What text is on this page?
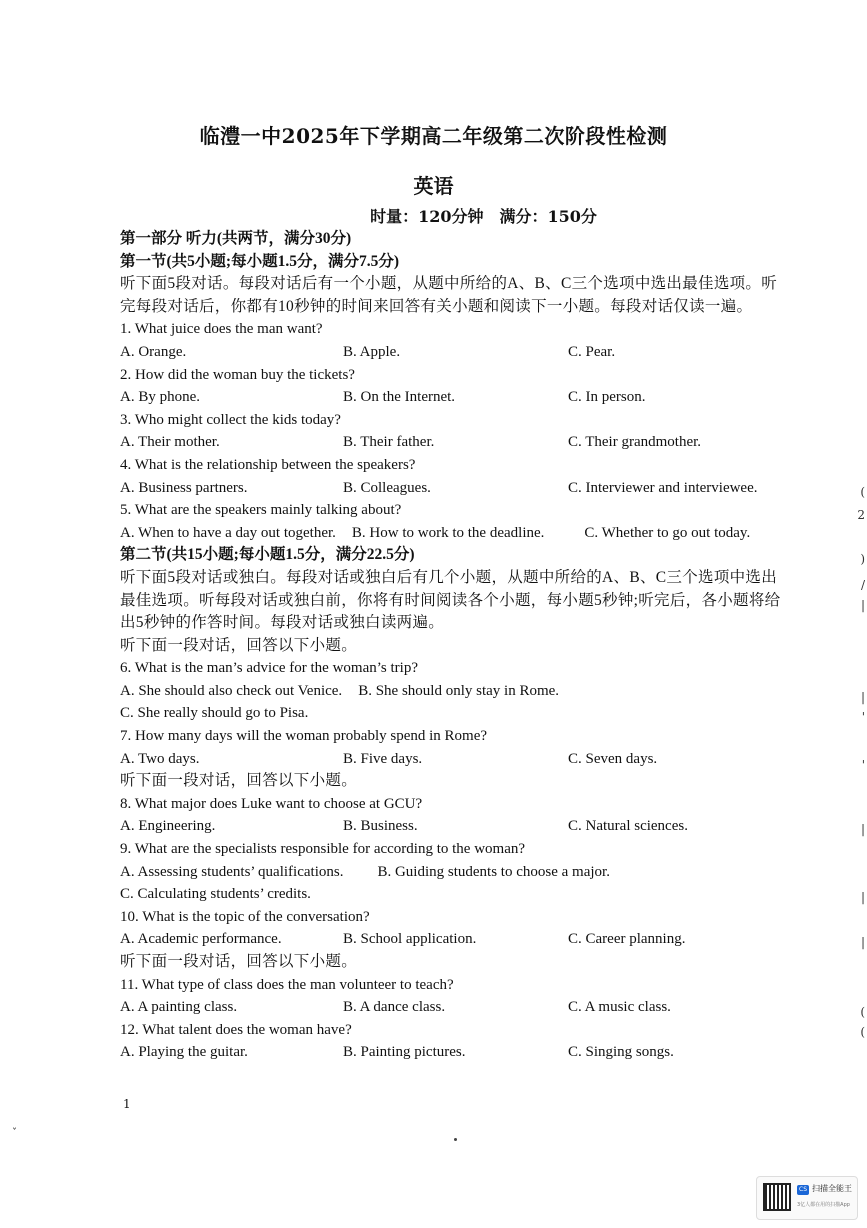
临澧一中2025年下学期高二年级第二次阶段性检测
英语
时量：120分钟　满分：150分
第一部分 听力(共两节，满分30分)
第一节(共5小题;每小题1.5分，满分7.5分)
听下面5段对话。每段对话后有一个小题，从题中所给的A、B、C三个选项中选出最佳选项。听
完每段对话后，你都有10秒钟的时间来回答有关小题和阅读下一小题。每段对话仅读一遍。
1. What juice does the man want?
A. Orange.	B. Apple.	C. Pear.
2. How did the woman buy the tickets?
A. By phone.	B. On the Internet.	C. In person.
3. Who might collect the kids today?
A. Their mother.	B. Their father.	C. Their grandmother.
4. What is the relationship between the speakers?
A. Business partners.	B. Colleagues.	C. Interviewer and interviewee.
5. What are the speakers mainly talking about?
A. When to have a day out together. B. How to work to the deadline.	C. Whether to go out today.
第二节(共15小题;每小题1.5分，满分22.5分)
听下面5段对话或独白。每段对话或独白后有几个小题，从题中所给的A、B、C三个选项中选出
最佳选项。听每段对话或独白前，你将有时间阅读各个小题，每小题5秒钟;听完后，各小题将给
出5秒钟的作答时间。每段对话或独白读两遍。
听下面一段对话，回答以下小题。
6. What is the man’s advice for the woman’s trip?
A. She should also check out Venice. B. She should only stay in Rome.
C. She really should go to Pisa.
7. How many days will the woman probably spend in Rome?
A. Two days.	B. Five days.	C. Seven days.
听下面一段对话，回答以下小题。
8. What major does Luke want to choose at GCU?
A. Engineering.	B. Business.	C. Natural sciences.
9. What are the specialists responsible for according to the woman?
A. Assessing students’ qualifications. B. Guiding students to choose a major.
C. Calculating students’ credits.
10. What is the topic of the conversation?
A. Academic performance.	B. School application.	C. Career planning.
听下面一段对话，回答以下小题。
11. What type of class does the man volunteer to teach?
A. A painting class.	B. A dance class.	C. A music class.
12. What talent does the woman have?
A. Playing the guitar.	B. Painting pictures.	C. Singing songs.
1
ˇ
(
2
)
/
|
|
'
'
|
|
|
(
(
CS 扫描全能王
3亿人都在用的扫描App
